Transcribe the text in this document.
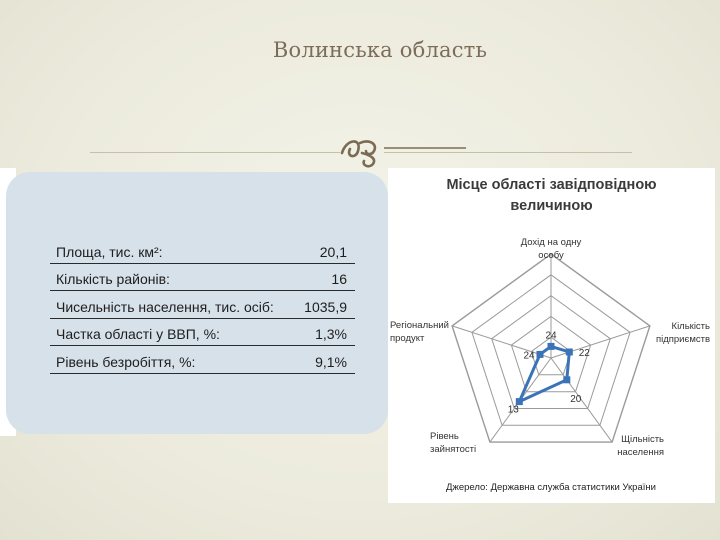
Волинська область
Площа, тис. км²:	20,1
Кількість районів:	16
Чисельність населення, тис. осіб: 1035,9
Частка області у ВВП, %:	1,3%
Рівень безробіття, %:	9,1%
Місце області завідповідною
величиною
24
22
20
13
24
Дохід на одну особу
Кількість підприємств
Щільність населення
Рівень зайнятості
Регіональний продукт
Джерело: Державна служба статистики України
